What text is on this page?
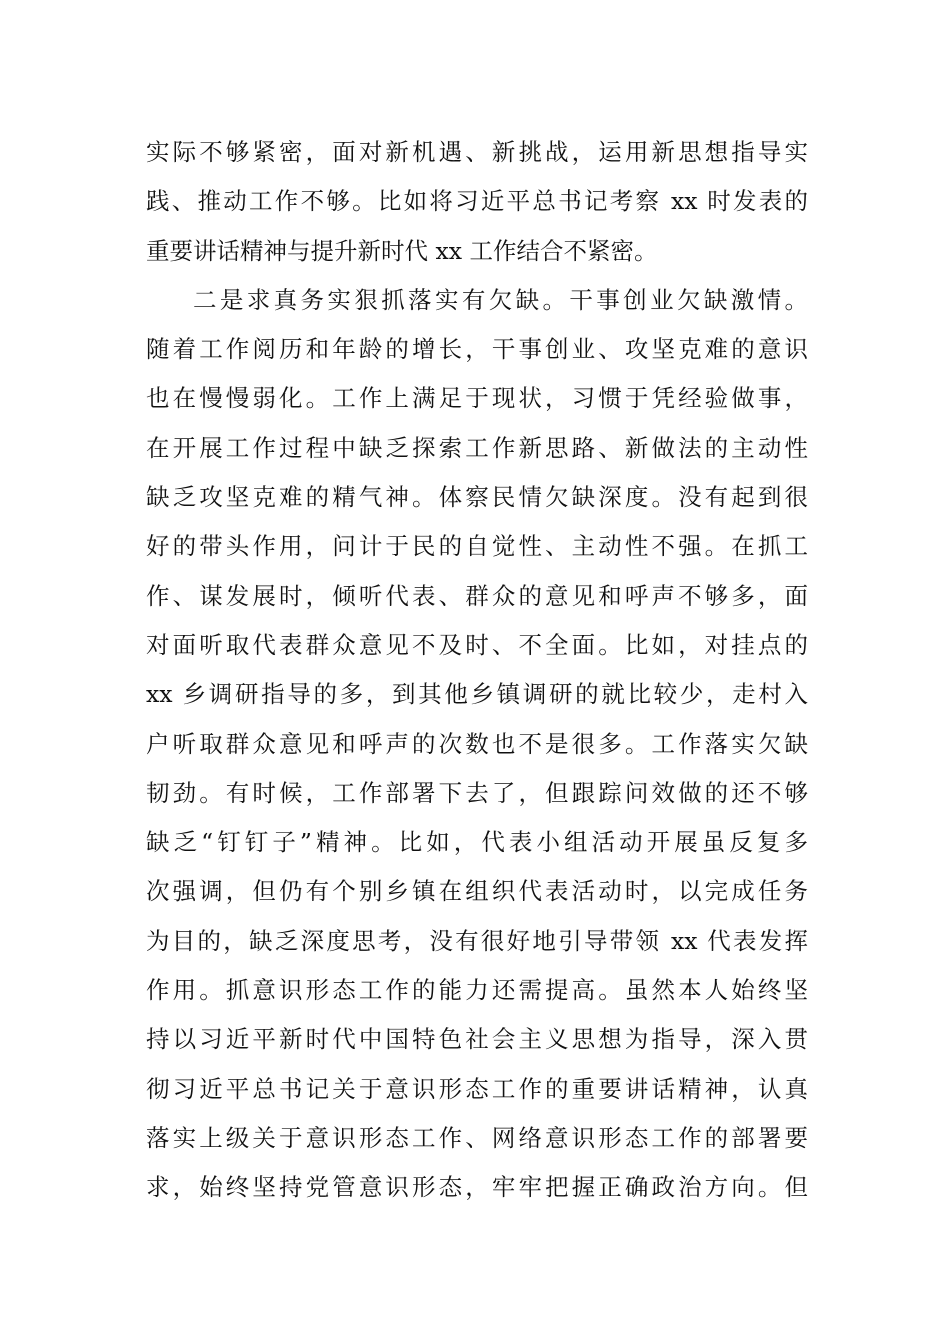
实际不够紧密，面对新机遇、新挑战，运用新思想指导实
践、推动工作不够。比如将习近平总书记考察 xx 时发表的
重要讲话精神与提升新时代 xx 工作结合不紧密。
二是求真务实狠抓落实有欠缺。干事创业欠缺激情。
随着工作阅历和年龄的增长，干事创业、攻坚克难的意识
也在慢慢弱化。工作上满足于现状，习惯于凭经验做事，
在开展工作过程中缺乏探索工作新思路、新做法的主动性
缺乏攻坚克难的精气神。体察民情欠缺深度。没有起到很
好的带头作用，问计于民的自觉性、主动性不强。在抓工
作、谋发展时，倾听代表、群众的意见和呼声不够多，面
对面听取代表群众意见不及时、不全面。比如，对挂点的
xx 乡调研指导的多，到其他乡镇调研的就比较少，走村入
户听取群众意见和呼声的次数也不是很多。工作落实欠缺
韧劲。有时候，工作部署下去了，但跟踪问效做的还不够
缺乏“钉钉子”精神。比如，代表小组活动开展虽反复多
次强调，但仍有个别乡镇在组织代表活动时，以完成任务
为目的，缺乏深度思考，没有很好地引导带领 xx 代表发挥
作用。抓意识形态工作的能力还需提高。虽然本人始终坚
持以习近平新时代中国特色社会主义思想为指导，深入贯
彻习近平总书记关于意识形态工作的重要讲话精神，认真
落实上级关于意识形态工作、网络意识形态工作的部署要
求，始终坚持党管意识形态，牢牢把握正确政治方向。但
